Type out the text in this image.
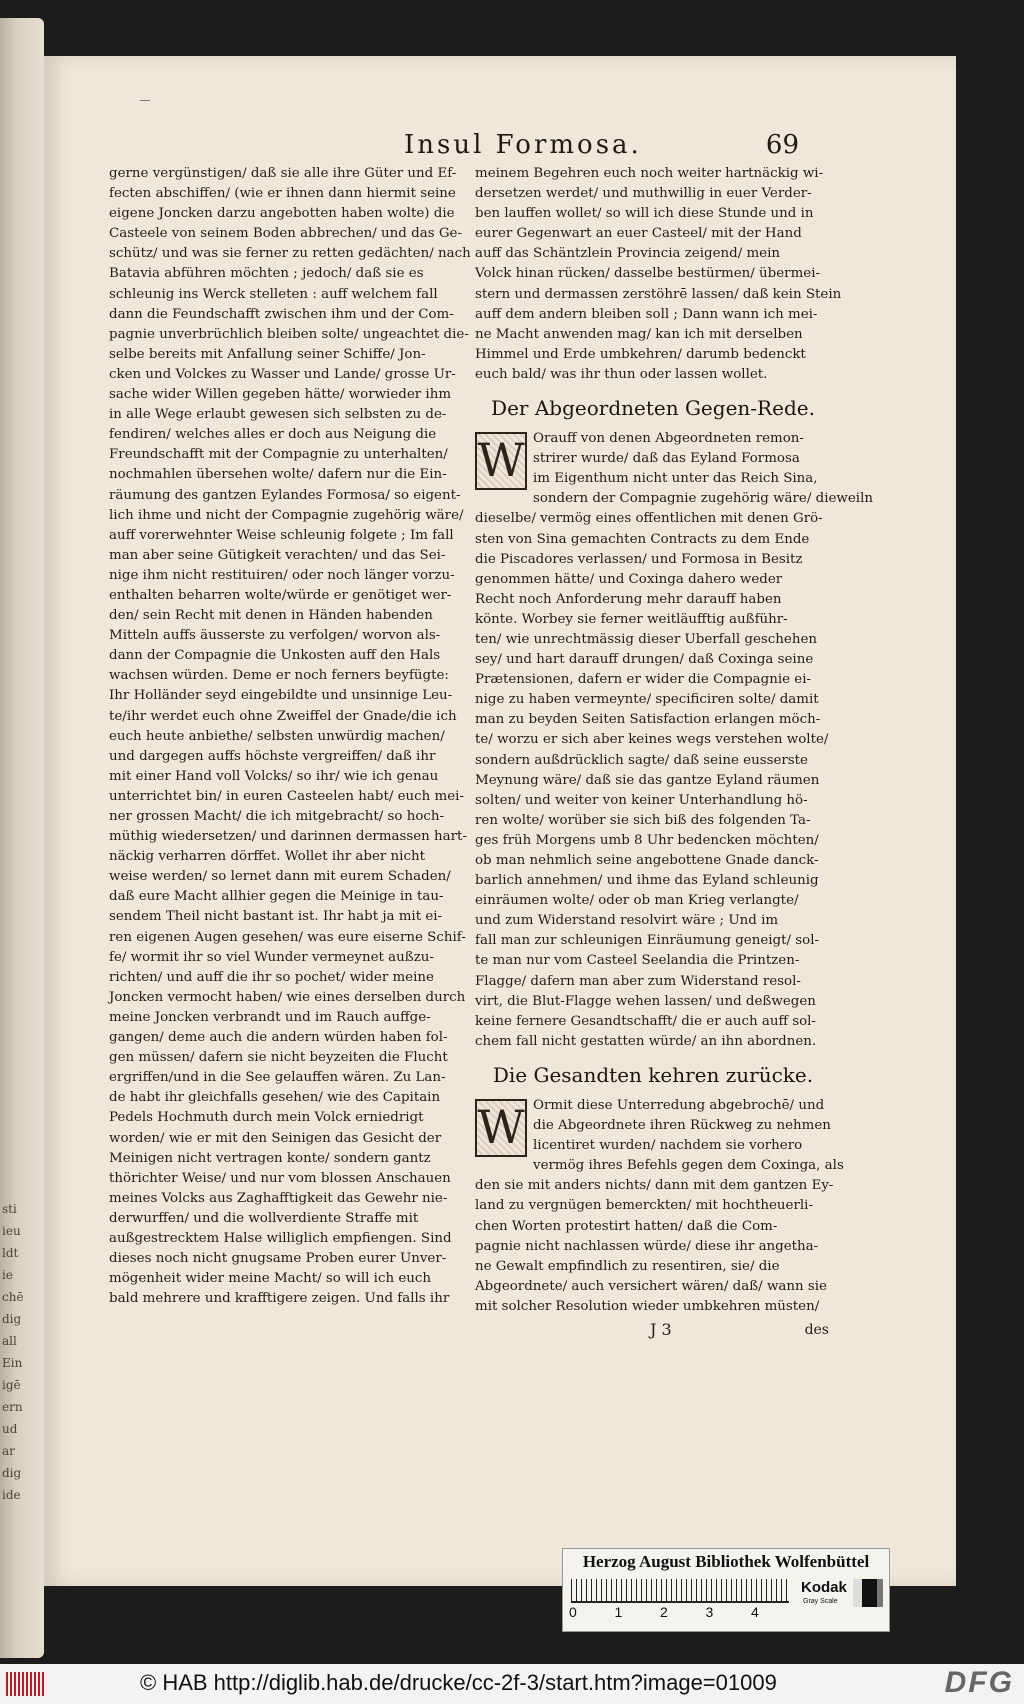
sti
ieu
ldt
ie
chē
dig
all
Ein
igē
ern
ud
ar
dig
ide
Insul Formosa.	69

gerne vergünstigen/ daß sie alle ihre Güter und Ef-

fecten abschiffen/ (wie er ihnen dann hiermit seine

eigene Joncken darzu angebotten haben wolte) die

Casteele von seinem Boden abbrechen/ und das Ge-

schütz/ und was sie ferner zu retten gedächten/ nach

Batavia abführen möchten ; jedoch/ daß sie es

schleunig ins Werck stelleten : auff welchem fall

dann die Feundschafft zwischen ihm und der Com-

pagnie unverbrüchlich bleiben solte/ ungeachtet die-

selbe bereits mit Anfallung seiner Schiffe/ Jon-

cken und Volckes zu Wasser und Lande/ grosse Ur-

sache wider Willen gegeben hätte/ worwieder ihm

in alle Wege erlaubt gewesen sich selbsten zu de-

fendiren/ welches alles er doch aus Neigung die

Freundschafft mit der Compagnie zu unterhalten/

nochmahlen übersehen wolte/ dafern nur die Ein-

räumung des gantzen Eylandes Formosa/ so eigent-

lich ihme und nicht der Compagnie zugehörig wäre/

auff vorerwehnter Weise schleunig folgete ; Im fall

man aber seine Gütigkeit verachten/ und das Sei-

nige ihm nicht restituiren/ oder noch länger vorzu-

enthalten beharren wolte/würde er genötiget wer-

den/ sein Recht mit denen in Händen habenden

Mitteln auffs äusserste zu verfolgen/ worvon als-

dann der Compagnie die Unkosten auff den Hals

wachsen würden. Deme er noch ferners beyfügte:

Ihr Holländer seyd eingebildte und unsinnige Leu-

te/ihr werdet euch ohne Zweiffel der Gnade/die ich

euch heute anbiethe/ selbsten unwürdig machen/

und dargegen auffs höchste vergreiffen/ daß ihr

mit einer Hand voll Volcks/ so ihr/ wie ich genau

unterrichtet bin/ in euren Casteelen habt/ euch mei-

ner grossen Macht/ die ich mitgebracht/ so hoch-

müthig wiedersetzen/ und darinnen dermassen hart-

näckig verharren dörffet. Wollet ihr aber nicht

weise werden/ so lernet dann mit eurem Schaden/

daß eure Macht allhier gegen die Meinige in tau-

sendem Theil nicht bastant ist. Ihr habt ja mit ei-

ren eigenen Augen gesehen/ was eure eiserne Schif-

fe/ wormit ihr so viel Wunder vermeynet außzu-

richten/ und auff die ihr so pochet/ wider meine

Joncken vermocht haben/ wie eines derselben durch

meine Joncken verbrandt und im Rauch auffge-

gangen/ deme auch die andern würden haben fol-

gen müssen/ dafern sie nicht beyzeiten die Flucht

ergriffen/und in die See gelauffen wären. Zu Lan-

de habt ihr gleichfalls gesehen/ wie des Capitain

Pedels Hochmuth durch mein Volck erniedrigt

worden/ wie er mit den Seinigen das Gesicht der

Meinigen nicht vertragen konte/ sondern gantz

thörichter Weise/ und nur vom blossen Anschauen

meines Volcks aus Zaghafftigkeit das Gewehr nie-

derwurffen/ und die wollverdiente Straffe mit

außgestrecktem Halse williglich empfiengen. Sind

dieses noch nicht gnugsame Proben eurer Unver-

mögenheit wider meine Macht/ so will ich euch

bald mehrere und krafftigere zeigen. Und falls ihr

meinem Begehren euch noch weiter hartnäckig wi-

dersetzen werdet/ und muthwillig in euer Verder-

ben lauffen wollet/ so will ich diese Stunde und in

eurer Gegenwart an euer Casteel/ mit der Hand

auff das Schäntzlein Provincia zeigend/ mein

Volck hinan rücken/ dasselbe bestürmen/ übermei-

stern und dermassen zerstöhrē lassen/ daß kein Stein

auff dem andern bleiben soll ; Dann wann ich mei-

ne Macht anwenden mag/ kan ich mit derselben

Himmel und Erde umbkehren/ darumb bedenckt

euch bald/ was ihr thun oder lassen wollet.

Der Abgeordneten Gegen-Rede.
W Orauff von denen Abgeordneten remon-

strirer wurde/ daß das Eyland Formosa

im Eigenthum nicht unter das Reich Sina,

sondern der Compagnie zugehörig wäre/ dieweiln

dieselbe/ vermög eines offentlichen mit denen Grö-

sten von Sina gemachten Contracts zu dem Ende

die Piscadores verlassen/ und Formosa in Besitz

genommen hätte/ und Coxinga dahero weder

Recht noch Anforderung mehr darauff haben

könte. Worbey sie ferner weitläufftig außführ-

ten/ wie unrechtmässig dieser Uberfall geschehen

sey/ und hart darauff drungen/ daß Coxinga seine

Prætensionen, dafern er wider die Compagnie ei-

nige zu haben vermeynte/ specificiren solte/ damit

man zu beyden Seiten Satisfaction erlangen möch-

te/ worzu er sich aber keines wegs verstehen wolte/

sondern außdrücklich sagte/ daß seine eusserste

Meynung wäre/ daß sie das gantze Eyland räumen

solten/ und weiter von keiner Unterhandlung hö-

ren wolte/ worüber sie sich biß des folgenden Ta-

ges früh Morgens umb 8 Uhr bedencken möchten/

ob man nehmlich seine angebottene Gnade danck-

barlich annehmen/ und ihme das Eyland schleunig

einräumen wolte/ oder ob man Krieg verlangte/

und zum Widerstand resolvirt wäre ; Und im

fall man zur schleunigen Einräumung geneigt/ sol-

te man nur vom Casteel Seelandia die Printzen-

Flagge/ dafern man aber zum Widerstand resol-

virt, die Blut-Flagge wehen lassen/ und deßwegen

keine fernere Gesandtschafft/ die er auch auff sol-

chem fall nicht gestatten würde/ an ihn abordnen.

Die Gesandten kehren zurücke.
W Ormit diese Unterredung abgebrochē/ und

die Abgeordnete ihren Rückweg zu nehmen

licentiret wurden/ nachdem sie vorhero

vermög ihres Befehls gegen dem Coxinga, als

den sie mit anders nichts/ dann mit dem gantzen Ey-

land zu vergnügen bemerckten/ mit hochtheuerli-

chen Worten protestirt hatten/ daß die Com-

pagnie nicht nachlassen würde/ diese ihr angetha-

ne Gewalt empfindlich zu resentiren, sie/ die

Abgeordnete/ auch versichert wären/ daß/ wann sie

mit solcher Resolution wieder umbkehren müsten/

J 3	des
Herzog August Bibliothek Wolfenbüttel
0	1	2	3	4
Kodak
Gray Scale
© HAB http://diglib.hab.de/drucke/cc-2f-3/start.htm?image=01009	DFG
